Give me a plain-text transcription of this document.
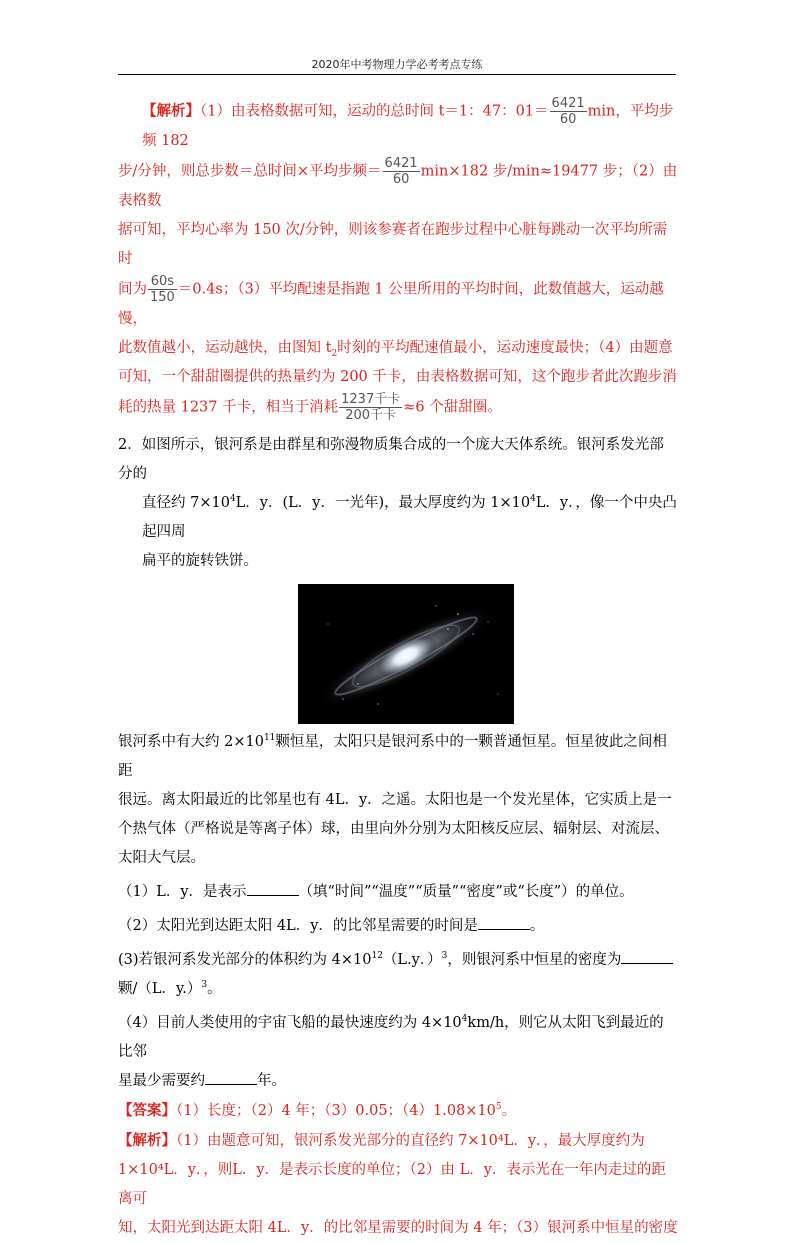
2020年中考物理力学必考考点专练

【解析】（1）由表格数据可知，运动的总时间 t＝1：47：$01= \frac{6421}{60}$ min，平均步频 182

步/分钟，则总步数＝总时间×平均步频＝ $\frac{6421}{60} \min\times 182$ 步/min≈19477 步；（2）由表格数

据可知，平均心率为 150 次/分钟，则该参赛者在跑步过程中心脏每跳动一次平均所需时

间为 $\frac{60s}{150} =0.4s$；（3）平均配速是指跑 1 公里所用的平均时间，此数值越大，运动越慢，

此数值越小，运动越快，由图知 $t_2$时刻的平均配速值最小，运动速度最快；（4）由题意

可知，一个甜甜圈提供的热量约为 200 千卡，由表格数据可知，这个跑步者此次跑步消

耗的热量 1237 千卡，相当于消耗 $\frac{\text{1237千卡}}{\text{200千卡}} \approx 6$ 个甜甜圈。

2．如图所示，银河系是由群星和弥漫物质集合成的一个庞大天体系统。银河系发光部分的

直径约 $7\times 10^4L$．y．(L．y．一光年)，最大厚度约为 $1\times 10^4L$．y．，像一个中央凸起四周

扁平的旋转铁饼。

银河系中有大约 $2\times 10^{11}$颗恒星，太阳只是银河系中的一颗普通恒星。恒星彼此之间相距

很远。离太阳最近的比邻星也有 4L．y．之遥。太阳也是一个发光星体，它实质上是一

个热气体（严格说是等离子体）球，由里向外分别为太阳核反应层、辐射层、对流层、

太阳大气层。

（1）L．y．是表示	（填“时间”“温度”“质量”“密度”或“长度”）的单位。

（2）太阳光到达距太阳 4L．y．的比邻星需要的时间是	。

(3)若银河系发光部分的体积约为 $4\times 10^{12}(L.y$．）$^3$，则银河系中恒星的密度为

颗/（L．y.）$^3$。

（4）目前人类使用的宇宙飞船的最快速度约为 $4\times 10^4km/h$，则它从太阳飞到最近的比邻

星最少需要约	年。

【答案】（1）长度；（2）4 年；（3）0.05；$(4)1.08\times 10^5$。

【解析】（1）由题意可知，银河系发光部分的直径约 7×10⁴L．y．，最大厚度约为

1×10⁴L．y．，则L．y．是表示长度的单位；（2）由 L．y．表示光在一年内走过的距离可

知，太阳光到达距太阳 4L．y．的比邻星需要的时间为 4 年；（3）银河系中恒星的密度
